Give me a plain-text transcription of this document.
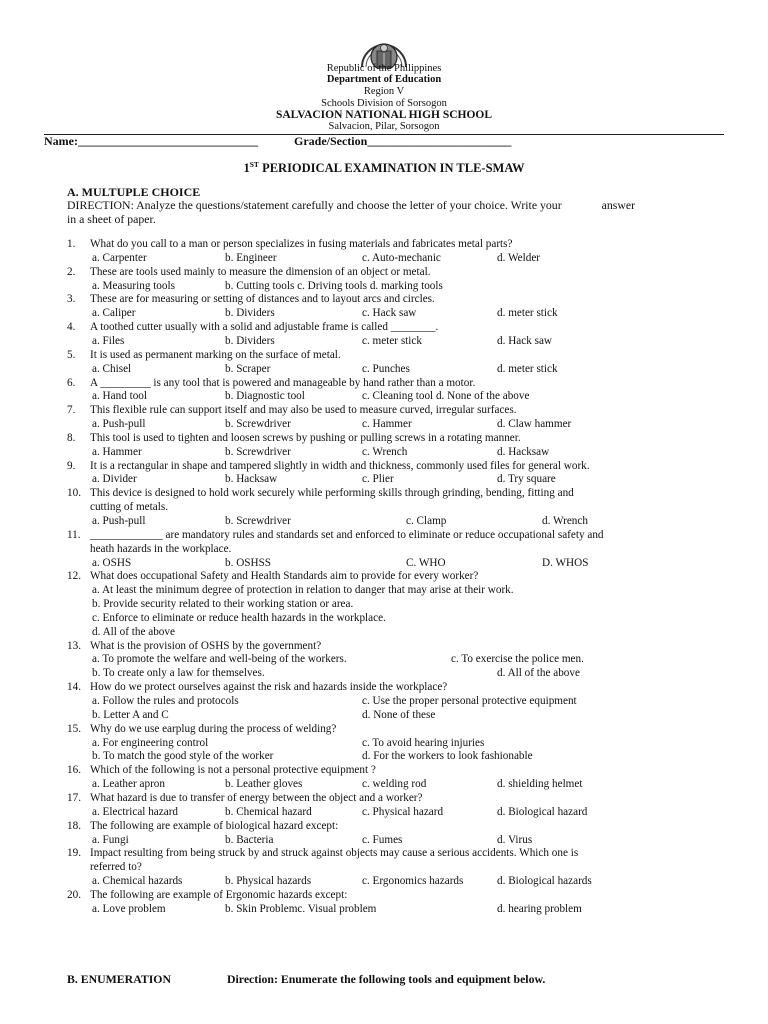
Republic of the Philippines
Department of Education
Region V
Schools Division of Sorsogon
SALVACION NATIONAL HIGH SCHOOL
Salvacion, Pilar, Sorsogon
Name:______________________________	Grade/Section________________________
1ST PERIODICAL EXAMINATION IN TLE-SMAW
A. MULTUPLE CHOICE
DIRECTION: Analyze the questions/statement carefully and choose the letter of your choice. Write your	answer
in a sheet of paper.
1.	What do you call to a man or person specializes in fusing materials and fabricates metal parts?
a. Carpenter	b. Engineer	c. Auto-mechanic	d. Welder
2.	These are tools used mainly to measure the dimension of an object or metal.
a. Measuring tools	b. Cutting tools c. Driving tools d. marking tools
3.	These are for measuring or setting of distances and to layout arcs and circles.
a. Caliper	b. Dividers	c. Hack saw	d. meter stick
4.	A toothed cutter usually with a solid and adjustable frame is called ________.
a. Files	b. Dividers	c. meter stick	d. Hack saw
5.	It is used as permanent marking on the surface of metal.
a. Chisel	b. Scraper	c. Punches	d. meter stick
6.	A _________ is any tool that is powered and manageable by hand rather than a motor.
a. Hand tool	b. Diagnostic tool	c. Cleaning tool d. None of the above
7.	This flexible rule can support itself and may also be used to measure curved, irregular surfaces.
a. Push-pull	b. Screwdriver	c. Hammer	d. Claw hammer
8.	This tool is used to tighten and loosen screws by pushing or pulling screws in a rotating manner.
a. Hammer	b. Screwdriver	c. Wrench	d. Hacksaw
9.	It is a rectangular in shape and tampered slightly in width and thickness, commonly used files for general work.
a. Divider	b. Hacksaw	c. Plier	d. Try square
10. This device is designed to hold work securely while performing skills through grinding, bending, fitting and
cutting of metals.
a. Push-pull	b. Screwdriver	c. Clamp	d. Wrench
11. _____________ are mandatory rules and standards set and enforced to eliminate or reduce occupational safety and
heath hazards in the workplace.
a. OSHS	b. OSHSS	C. WHO	D. WHOS
12. What does occupational Safety and Health Standards aim to provide for every worker?
a. At least the minimum degree of protection in relation to danger that may arise at their work.
b. Provide security related to their working station or area.
c. Enforce to eliminate or reduce health hazards in the workplace.
d. All of the above
13. What is the provision of OSHS by the government?
a. To promote the welfare and well-being of the workers.	c. To exercise the police men.
b. To create only a law for themselves.	d. All of the above
14. How do we protect ourselves against the risk and hazards inside the workplace?
a. Follow the rules and protocols	c. Use the proper personal protective equipment
b. Letter A and C	d. None of these
15. Why do we use earplug during the process of welding?
a. For engineering control	c. To avoid hearing injuries
b. To match the good style of the worker	d. For the workers to look fashionable
16. Which of the following is not a personal protective equipment ?
a. Leather apron	b. Leather gloves	c. welding rod	d. shielding helmet
17. What hazard is due to transfer of energy between the object and a worker?
a. Electrical hazard	b. Chemical hazard	c. Physical hazard	d. Biological hazard
18. The following are example of biological hazard except:
a. Fungi	b. Bacteria	c. Fumes	d. Virus
19. Impact resulting from being struck by and struck against objects may cause a serious accidents. Which one is
referred to?
a. Chemical hazards	b. Physical hazards	c. Ergonomics hazards	d. Biological hazards
20. The following are example of Ergonomic hazards except:
a. Love problem	b. Skin Problemc. Visual problem	d. hearing problem
B. ENUMERATION	Direction: Enumerate the following tools and equipment below.
